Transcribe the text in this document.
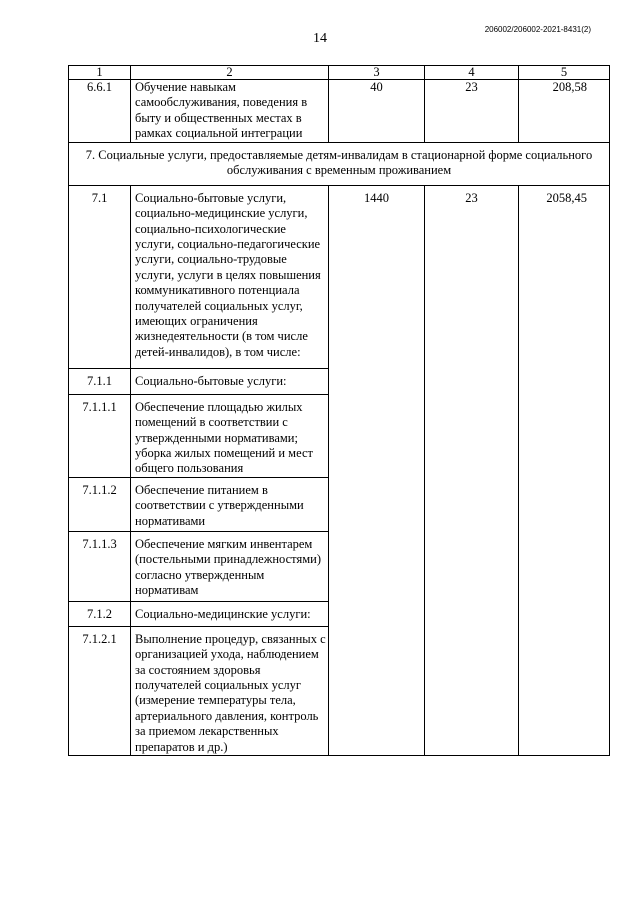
14
206002/206002-2021-8431(2)
1	2	3	4	5
6.6.1	Обучение навыкам самообслуживания, поведения в быту и общественных местах в рамках социальной интеграции	40	23	208,58
7. Социальные услуги, предоставляемые детям-инвалидам в стационарной форме социального обслуживания с временным проживанием				
7.1	Социально-бытовые услуги, социально-медицинские услуги, социально-психологические услуги, социально-педагогические услуги, социально-трудовые услуги, услуги в целях повышения коммуникативного потенциала получателей социальных услуг, имеющих ограничения жизнедеятельности (в том числе детей-инвалидов), в том числе:	1440	23	2058,45
7.1.1	Социально-бытовые услуги:			
7.1.1.1	Обеспечение площадью жилых помещений в соответствии с утвержденными нормативами; уборка жилых помещений и мест общего пользования			
7.1.1.2	Обеспечение питанием в соответствии с утвержденными нормативами			
7.1.1.3	Обеспечение мягким инвентарем (постельными принадлежностями) согласно утвержденным нормативам			
7.1.2	Социально-медицинские услуги:			
7.1.2.1	Выполнение процедур, связанных с организацией ухода, наблюдением за состоянием здоровья получателей социальных услуг (измерение температуры тела, артериального давления, контроль за приемом лекарственных препаратов и др.)			
